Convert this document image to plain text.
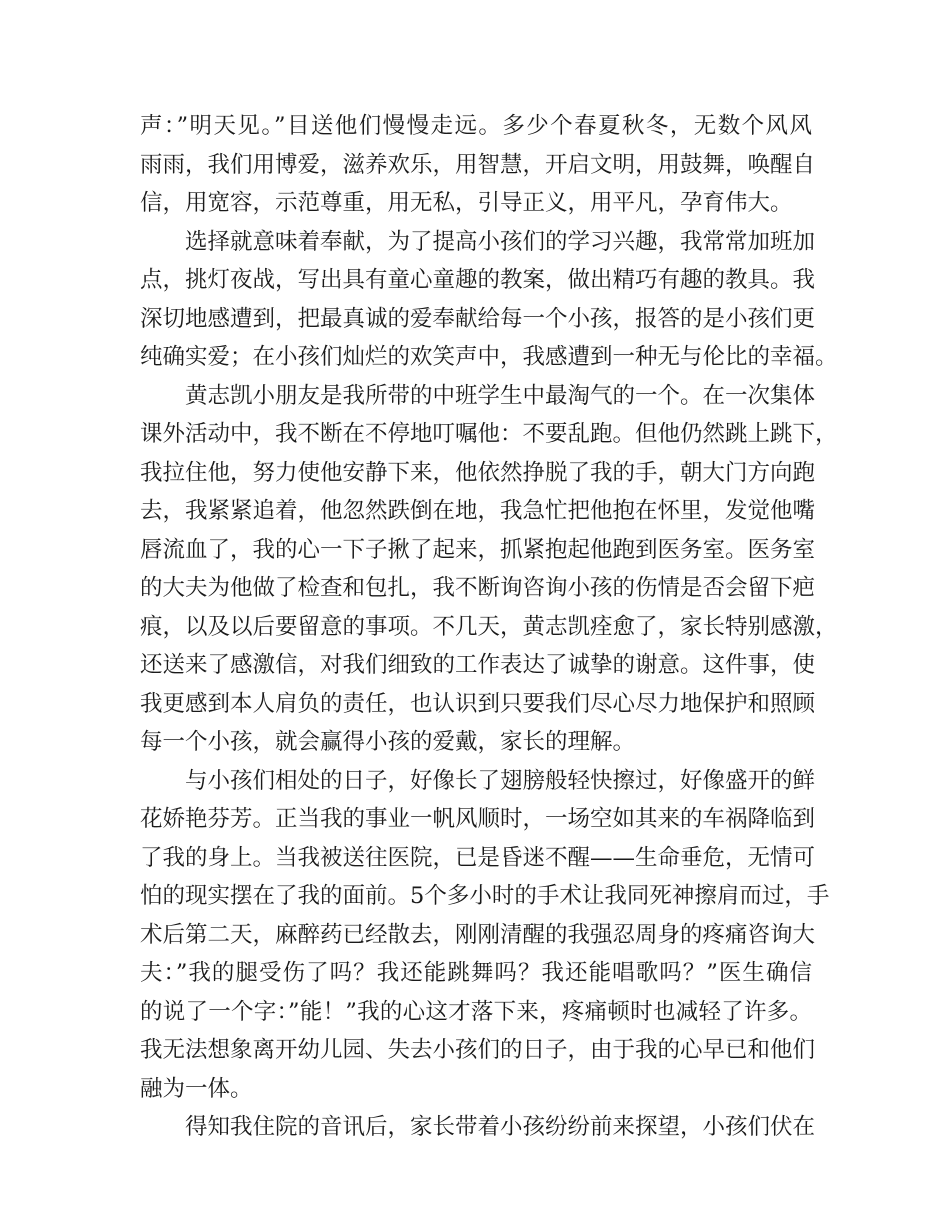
声：”明天见。”目送他们慢慢走远。多少个春夏秋冬，无数个风风
雨雨，我们用博爱，滋养欢乐，用智慧，开启文明，用鼓舞，唤醒自
信，用宽容，示范尊重，用无私，引导正义，用平凡，孕育伟大。
选择就意味着奉献，为了提高小孩们的学习兴趣，我常常加班加
点，挑灯夜战，写出具有童心童趣的教案，做出精巧有趣的教具。我
深切地感遭到，把最真诚的爱奉献给每一个小孩，报答的是小孩们更
纯确实爱；在小孩们灿烂的欢笑声中，我感遭到一种无与伦比的幸福。
黄志凯小朋友是我所带的中班学生中最淘气的一个。在一次集体
课外活动中，我不断在不停地叮嘱他：不要乱跑。但他仍然跳上跳下，
我拉住他，努力使他安静下来，他依然挣脱了我的手，朝大门方向跑
去，我紧紧追着，他忽然跌倒在地，我急忙把他抱在怀里，发觉他嘴
唇流血了，我的心一下子揪了起来，抓紧抱起他跑到医务室。医务室
的大夫为他做了检查和包扎，我不断询咨询小孩的伤情是否会留下疤
痕，以及以后要留意的事项。不几天，黄志凯痊愈了，家长特别感激，
还送来了感激信，对我们细致的工作表达了诚挚的谢意。这件事，使
我更感到本人肩负的责任，也认识到只要我们尽心尽力地保护和照顾
每一个小孩，就会赢得小孩的爱戴，家长的理解。
与小孩们相处的日子，好像长了翅膀般轻快擦过，好像盛开的鲜
花娇艳芬芳。正当我的事业一帆风顺时，一场空如其来的车祸降临到
了我的身上。当我被送往医院，已是昏迷不醒——生命垂危，无情可
怕的现实摆在了我的面前。5个多小时的手术让我同死神擦肩而过，手
术后第二天，麻醉药已经散去，刚刚清醒的我强忍周身的疼痛咨询大
夫：”我的腿受伤了吗？我还能跳舞吗？我还能唱歌吗？”医生确信
的说了一个字：”能！”我的心这才落下来，疼痛顿时也减轻了许多。
我无法想象离开幼儿园、失去小孩们的日子，由于我的心早已和他们
融为一体。
得知我住院的音讯后，家长带着小孩纷纷前来探望，小孩们伏在
